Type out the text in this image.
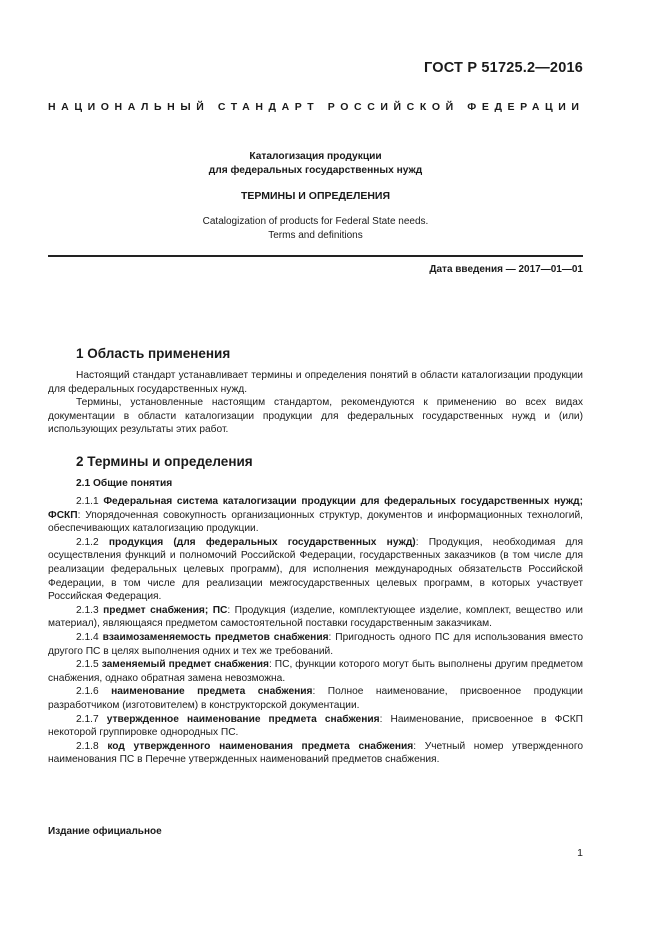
ГОСТ Р 51725.2—2016
НАЦИОНАЛЬНЫЙ СТАНДАРТ РОССИЙСКОЙ ФЕДЕРАЦИИ
Каталогизация продукции
для федеральных государственных нужд
ТЕРМИНЫ И ОПРЕДЕЛЕНИЯ
Catalogization of products for Federal State needs.
Terms and definitions
Дата введения — 2017—01—01
1 Область применения

Настоящий стандарт устанавливает термины и определения понятий в области каталогизации продукции для федеральных государственных нужд.

Термины, установленные настоящим стандартом, рекомендуются к применению во всех видах документации в области каталогизации продукции для федеральных государственных нужд и (или) использующих результаты этих работ.

2 Термины и определения
2.1 Общие понятия

2.1.1 Федеральная система каталогизации продукции для федеральных государственных нужд; ФСКП: Упорядоченная совокупность организационных структур, документов и информационных технологий, обеспечивающих каталогизацию продукции.

2.1.2 продукция (для федеральных государственных нужд): Продукция, необходимая для осуществления функций и полномочий Российской Федерации, государственных заказчиков (в том числе для реализации федеральных целевых программ), для исполнения международных обязательств Российской Федерации, в том числе для реализации межгосударственных целевых программ, в которых участвует Российская Федерация.

2.1.3 предмет снабжения; ПС: Продукция (изделие, комплектующее изделие, комплект, вещество или материал), являющаяся предметом самостоятельной поставки государственным заказчикам.

2.1.4 взаимозаменяемость предметов снабжения: Пригодность одного ПС для использования вместо другого ПС в целях выполнения одних и тех же требований.

2.1.5 заменяемый предмет снабжения: ПС, функции которого могут быть выполнены другим предметом снабжения, однако обратная замена невозможна.

2.1.6 наименование предмета снабжения: Полное наименование, присвоенное продукции разработчиком (изготовителем) в конструкторской документации.

2.1.7 утвержденное наименование предмета снабжения: Наименование, присвоенное в ФСКП некоторой группировке однородных ПС.

2.1.8 код утвержденного наименования предмета снабжения: Учетный номер утвержденного наименования ПС в Перечне утвержденных наименований предметов снабжения.

Издание официальное
1
